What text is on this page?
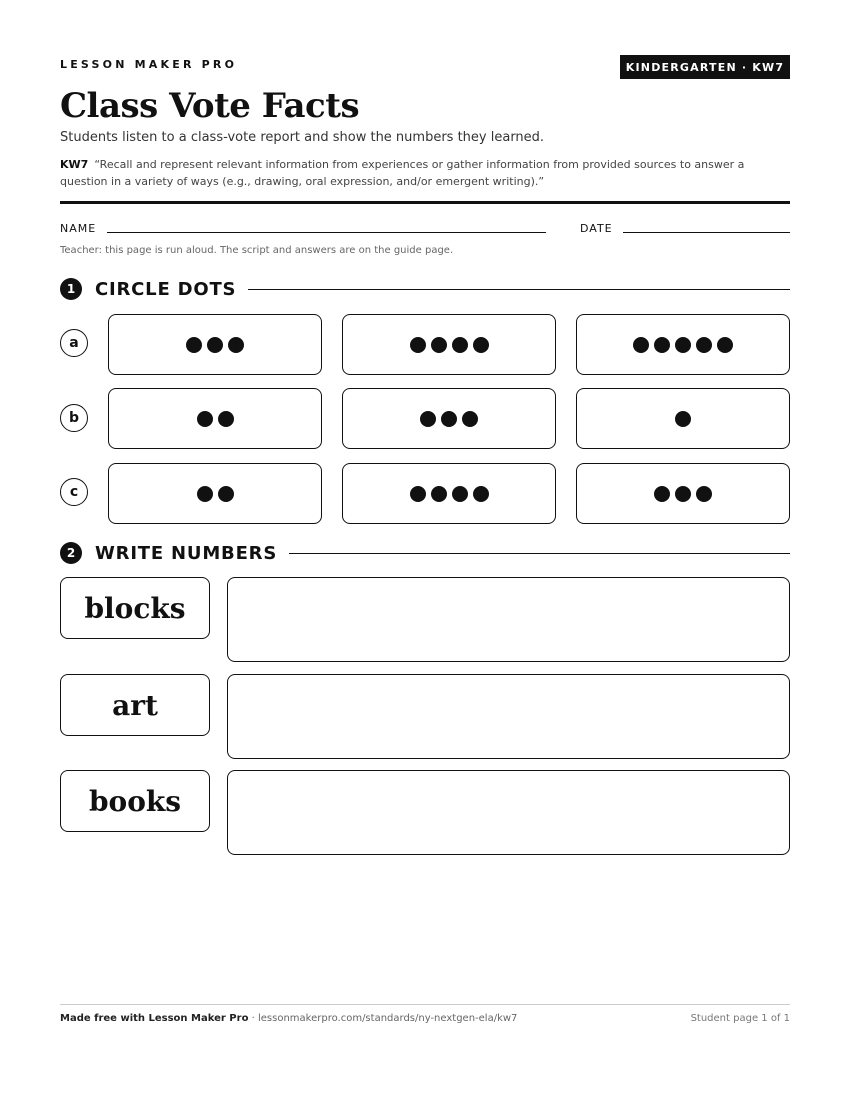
LESSON MAKER PRO	KINDERGARTEN · KW7
Class Vote Facts

Students listen to a class-vote report and show the numbers they learned.

KW7 “Recall and represent relevant information from experiences or gather information from provided sources to answer a question in a variety of ways (e.g., drawing, oral expression, and/or emergent writing).”

NAME	DATE

Teacher: this page is run aloud. The script and answers are on the guide page.

1	CIRCLE DOTS
a
b
c
2	WRITE NUMBERS
blocks
art
books
Made free with Lesson Maker Pro · lessonmakerpro.com/standards/ny-nextgen-ela/kw7	Student page 1 of 1
